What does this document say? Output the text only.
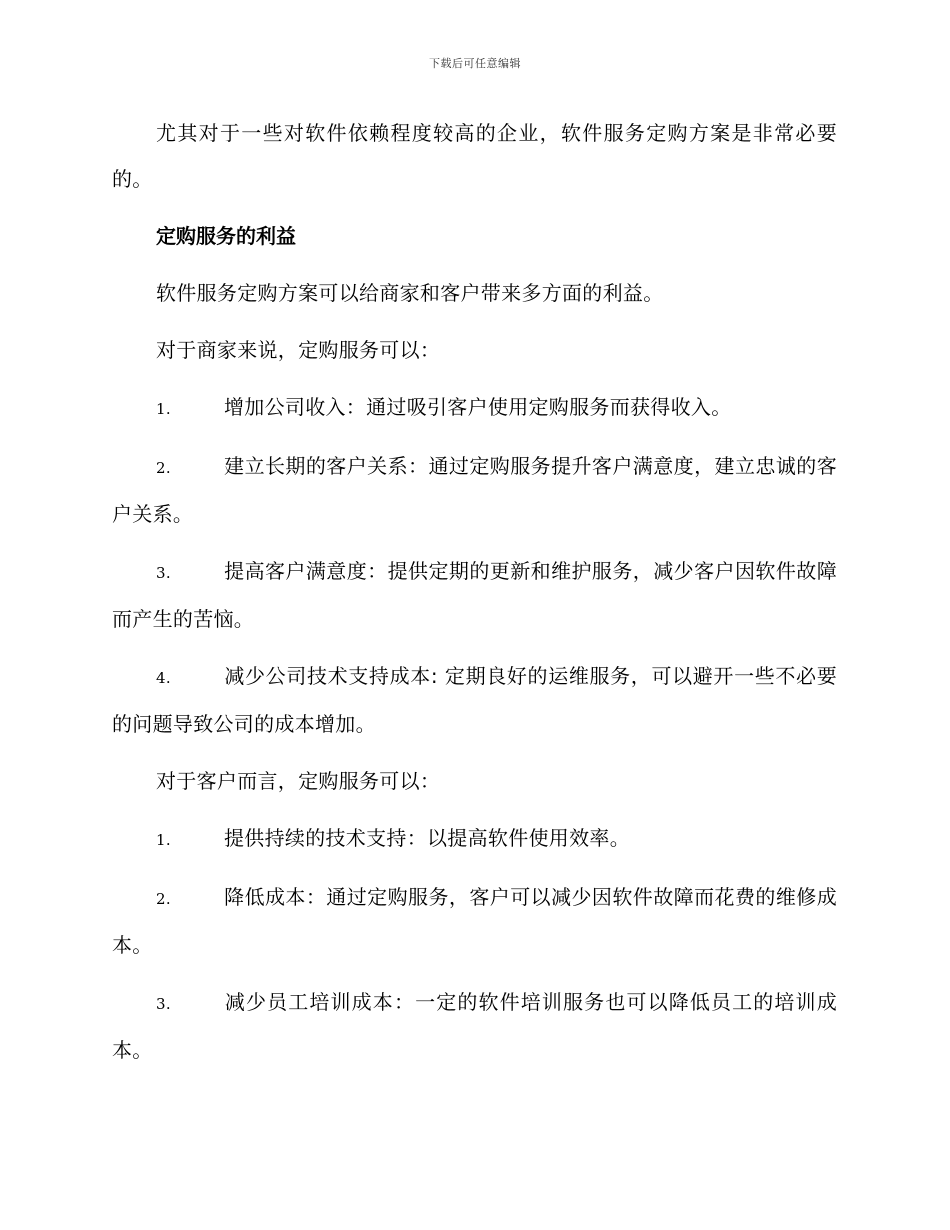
下载后可任意编辑

尤其对于一些对软件依赖程度较高的企业，软件服务定购方案是非常必要的。

定购服务的利益

软件服务定购方案可以给商家和客户带来多方面的利益。

对于商家来说，定购服务可以：

1.	增加公司收入：通过吸引客户使用定购服务而获得收入。

2.	建立长期的客户关系：通过定购服务提升客户满意度，建立忠诚的客户关系。

3.	提高客户满意度：提供定期的更新和维护服务，减少客户因软件故障而产生的苦恼。

4.	减少公司技术支持成本: 定期良好的运维服务，可以避开一些不必要的问题导致公司的成本增加。

对于客户而言，定购服务可以：

1.	提供持续的技术支持：以提高软件使用效率。

2.	降低成本：通过定购服务，客户可以减少因软件故障而花费的维修成本。

3.	减少员工培训成本：一定的软件培训服务也可以降低员工的培训成本。
